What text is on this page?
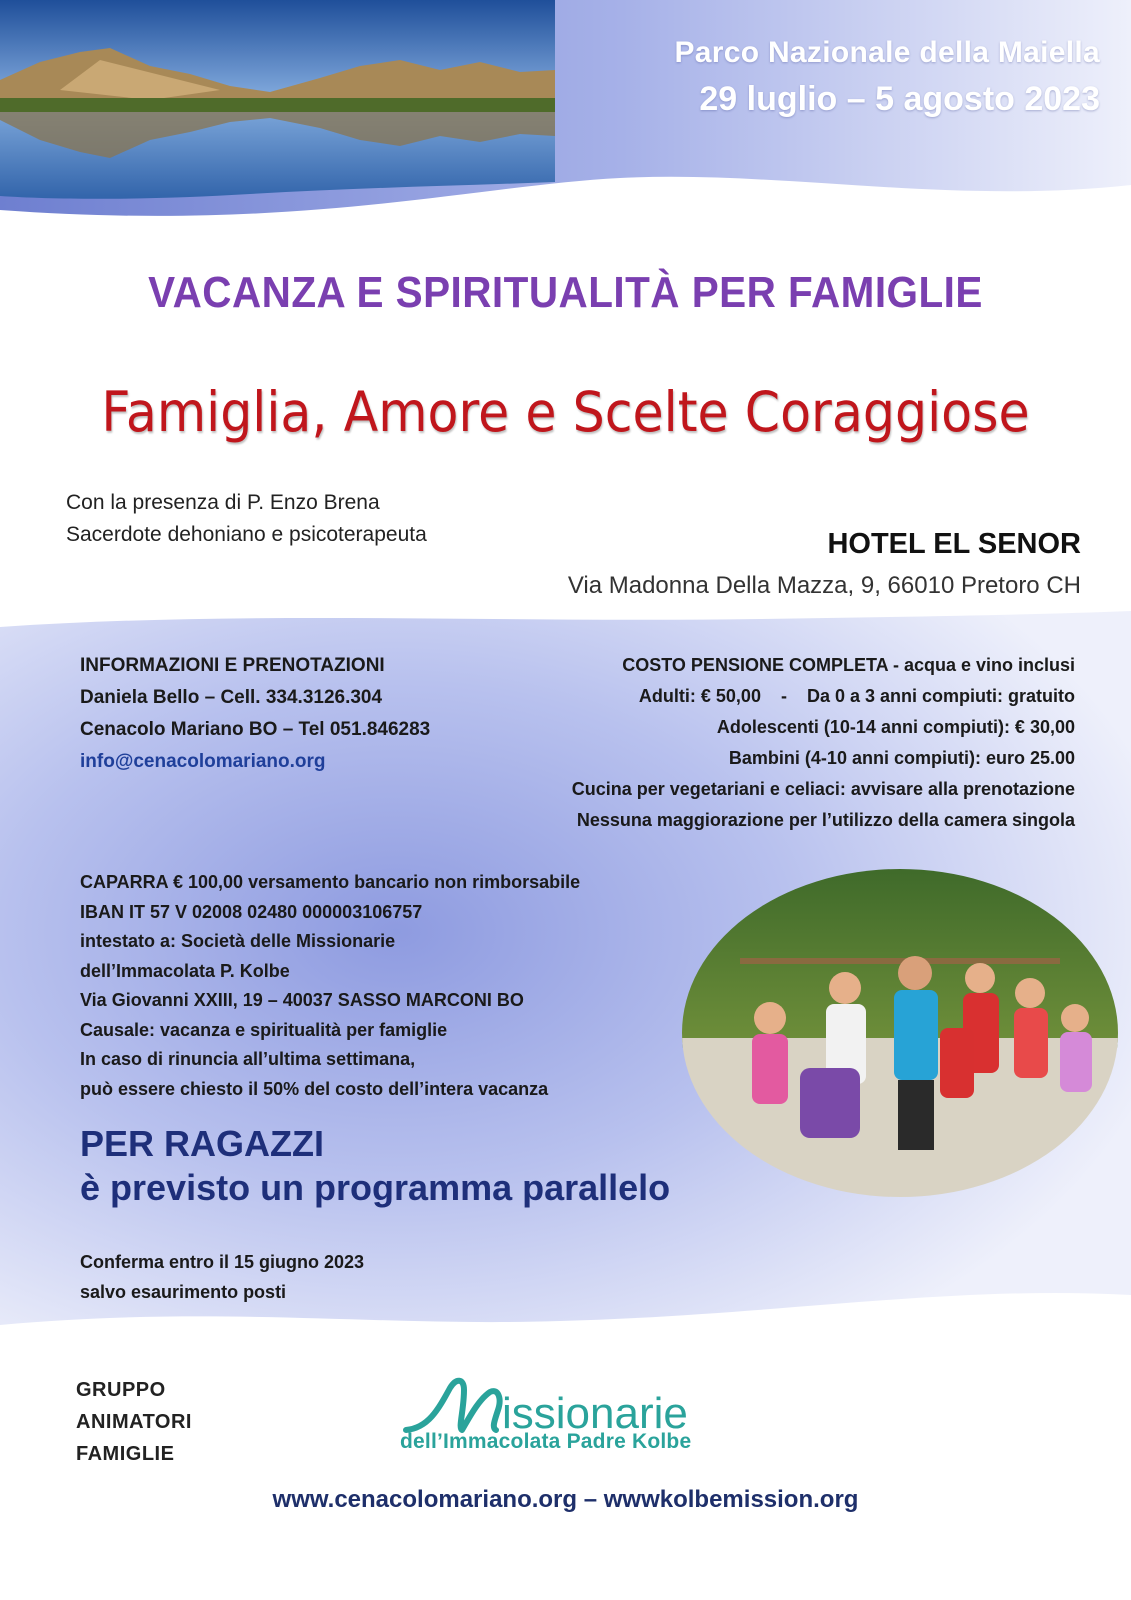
Parco Nazionale della Maiella
29 luglio – 5 agosto 2023
VACANZA E SPIRITUALITÀ PER FAMIGLIE
Famiglia, Amore e Scelte Coraggiose
Con la presenza di P. Enzo Brena
Sacerdote dehoniano e psicoterapeuta	HOTEL EL SENOR
Via Madonna Della Mazza, 9, 66010 Pretoro CH
INFORMAZIONI E PRENOTAZIONI
Daniela Bello – Cell. 334.3126.304
Cenacolo Mariano BO – Tel 051.846283
info@cenacolomariano.org
COSTO PENSIONE COMPLETA - acqua e vino inclusi
Adulti: € 50,00    -    Da 0 a 3 anni compiuti: gratuito
Adolescenti (10-14 anni compiuti): € 30,00
Bambini (4-10 anni compiuti): euro 25.00
Cucina per vegetariani e celiaci: avvisare alla prenotazione
Nessuna maggiorazione per l’utilizzo della camera singola
CAPARRA € 100,00 versamento bancario non rimborsabile
IBAN IT 57 V 02008 02480 000003106757
intestato a: Società delle Missionarie
dell’Immacolata P. Kolbe
Via Giovanni XXIII, 19 – 40037 SASSO MARCONI BO
Causale: vacanza e spiritualità per famiglie
In caso di rinuncia all’ultima settimana,
può essere chiesto il 50% del costo dell’intera vacanza
PER RAGAZZI
è previsto un programma parallelo
Conferma entro il 15 giugno 2023
salvo esaurimento posti
GRUPPO
ANIMATORI
FAMIGLIE
issionarie
dell’Immacolata Padre Kolbe
www.cenacolomariano.org – wwwkolbemission.org
